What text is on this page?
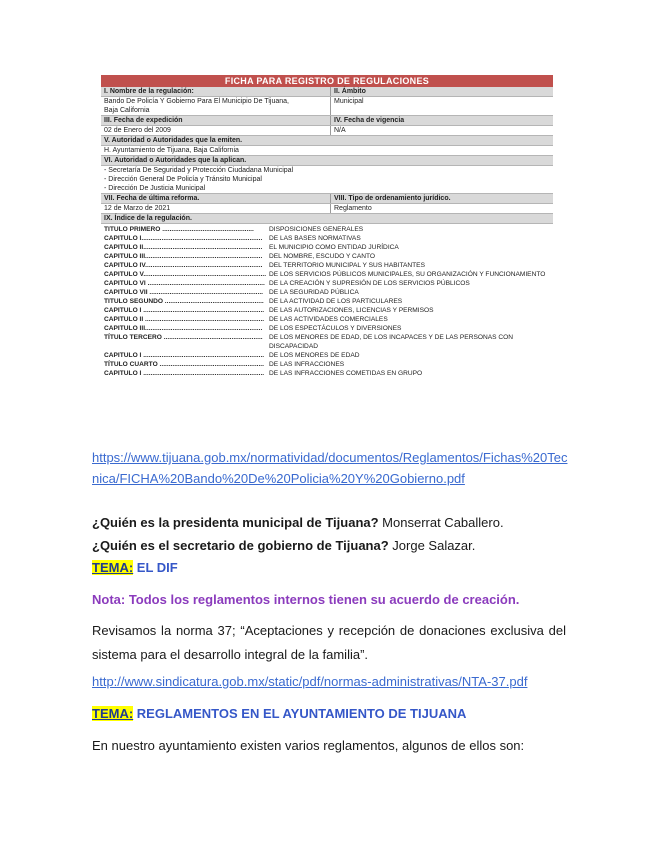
FICHA PARA REGISTRO DE REGULACIONES
I. Nombre de la regulación:	II. Ámbito
Bando De Policía Y Gobierno Para El Municipio De Tijuana,
Baja California
Municipal
III. Fecha de expedición	IV. Fecha de vigencia
02 de Enero del 2009	N/A
V. Autoridad o Autoridades que la emiten.
H. Ayuntamiento de Tijuana, Baja California
VI. Autoridad o Autoridades que la aplican.
- Secretaría De Seguridad y Protección Ciudadana Municipal
- Dirección General De Policía y Tránsito Municipal
- Dirección De Justicia Municipal
VII. Fecha de última reforma.	VIII. Tipo de ordenamiento jurídico.
12 de Marzo de 2021	Reglamento
IX. Índice de la regulación.
TITULO PRIMERO ..................................................	DISPOSICIONES GENERALES
CAPITULO I..................................................................	DE LAS BASES NORMATIVAS
CAPITULO II.................................................................	EL MUNICIPIO COMO ENTIDAD JURÍDICA
CAPITULO III................................................................	DEL NOMBRE, ESCUDO Y CANTO
CAPITULO IV................................................................ DEL TERRITORIO MUNICIPAL Y SUS HABITANTES
CAPITULO V................................................................... DE LOS SERVICIOS PÚBLICOS MUNICIPALES, SU ORGANIZACIÓN Y FUNCIONAMIENTO
CAPITULO VI ................................................................ DE LA CREACIÓN Y SUPRESIÓN DE LOS SERVICIOS PÚBLICOS
CAPITULO VII .............................................................. DE LA SEGURIDAD PÚBLICA
TITULO SEGUNDO ...................................................... DE LA ACTIVIDAD DE LOS PARTICULARES
CAPITULO I .................................................................. DE LAS AUTORIZACIONES, LICENCIAS Y PERMISOS
CAPITULO II ................................................................. DE LAS ACTIVIDADES COMERCIALES
CAPITULO III................................................................	DE LOS ESPECTÁCULOS Y DIVERSIONES
TÍTULO TERCERO ...................................................... DE LOS MENORES DE EDAD, DE LOS INCAPACES Y DE LAS PERSONAS CON DISCAPACIDAD
CAPITULO I .................................................................. DE LOS MENORES DE EDAD
TÍTULO CUARTO ......................................................... DE LAS INFRACCIONES
CAPITULO I .................................................................. DE LAS INFRACCIONES COMETIDAS EN GRUPO
https://www.tijuana.gob.mx/normatividad/documentos/Reglamentos/Fichas%20Tec
nica/FICHA%20Bando%20De%20Policia%20Y%20Gobierno.pdf
¿Quién es la presidenta municipal de Tijuana? Monserrat Caballero.
¿Quién es el secretario de gobierno de Tijuana? Jorge Salazar.
TEMA: EL DIF
Nota: Todos los reglamentos internos tienen su acuerdo de creación.
Revisamos la norma 37; “Aceptaciones y recepción de donaciones exclusiva del sistema para el desarrollo integral de la familia”.
http://www.sindicatura.gob.mx/static/pdf/normas-administrativas/NTA-37.pdf
TEMA: REGLAMENTOS EN EL AYUNTAMIENTO DE TIJUANA
En nuestro ayuntamiento existen varios reglamentos, algunos de ellos son:
